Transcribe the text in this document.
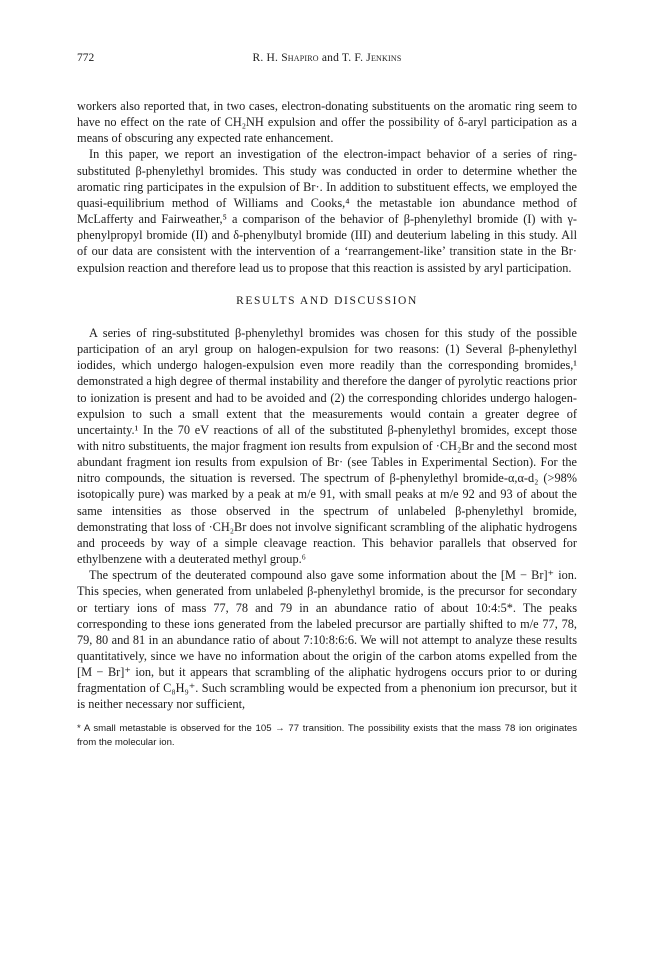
772	R. H. Shapiro and T. F. Jenkins

workers also reported that, in two cases, electron-donating substituents on the aromatic ring seem to have no effect on the rate of CH₂NH expulsion and offer the possibility of δ-aryl participation as a means of obscuring any expected rate enhancement.

In this paper, we report an investigation of the electron-impact behavior of a series of ring-substituted β-phenylethyl bromides. This study was conducted in order to determine whether the aromatic ring participates in the expulsion of Br·. In addition to substituent effects, we employed the quasi-equilibrium method of Williams and Cooks,⁴ the metastable ion abundance method of McLafferty and Fairweather,⁵ a comparison of the behavior of β-phenylethyl bromide (I) with γ-phenylpropyl bromide (II) and δ-phenylbutyl bromide (III) and deuterium labeling in this study. All of our data are consistent with the intervention of a ‘rearrangement-like’ transition state in the Br· expulsion reaction and therefore lead us to propose that this reaction is assisted by aryl participation.

RESULTS AND DISCUSSION

A series of ring-substituted β-phenylethyl bromides was chosen for this study of the possible participation of an aryl group on halogen-expulsion for two reasons: (1) Several β-phenylethyl iodides, which undergo halogen-expulsion even more readily than the corresponding bromides,¹ demonstrated a high degree of thermal instability and therefore the danger of pyrolytic reactions prior to ionization is present and had to be avoided and (2) the corresponding chlorides undergo halogen-expulsion to such a small extent that the measurements would contain a greater degree of uncertainty.¹ In the 70 eV reactions of all of the substituted β-phenylethyl bromides, except those with nitro substituents, the major fragment ion results from expulsion of ·CH₂Br and the second most abundant fragment ion results from expulsion of Br· (see Tables in Experimental Section). For the nitro compounds, the situation is reversed. The spectrum of β-phenylethyl bromide-α,α-d₂ (>98% isotopically pure) was marked by a peak at m/e 91, with small peaks at m/e 92 and 93 of about the same intensities as those observed in the spectrum of unlabeled β-phenylethyl bromide, demonstrating that loss of ·CH₂Br does not involve significant scrambling of the aliphatic hydrogens and proceeds by way of a simple cleavage reaction. This behavior parallels that observed for ethylbenzene with a deuterated methyl group.⁶

The spectrum of the deuterated compound also gave some information about the [M − Br]⁺ ion. This species, when generated from unlabeled β-phenylethyl bromide, is the precursor for secondary or tertiary ions of mass 77, 78 and 79 in an abundance ratio of about 10:4:5*. The peaks corresponding to these ions generated from the labeled precursor are partially shifted to m/e 77, 78, 79, 80 and 81 in an abundance ratio of about 7:10:8:6:6. We will not attempt to analyze these results quantitatively, since we have no information about the origin of the carbon atoms expelled from the [M − Br]⁺ ion, but it appears that scrambling of the aliphatic hydrogens occurs prior to or during fragmentation of C₈H₉⁺. Such scrambling would be expected from a phenonium ion precursor, but it is neither necessary nor sufficient,

* A small metastable is observed for the 105 → 77 transition. The possibility exists that the mass 78 ion originates from the molecular ion.
